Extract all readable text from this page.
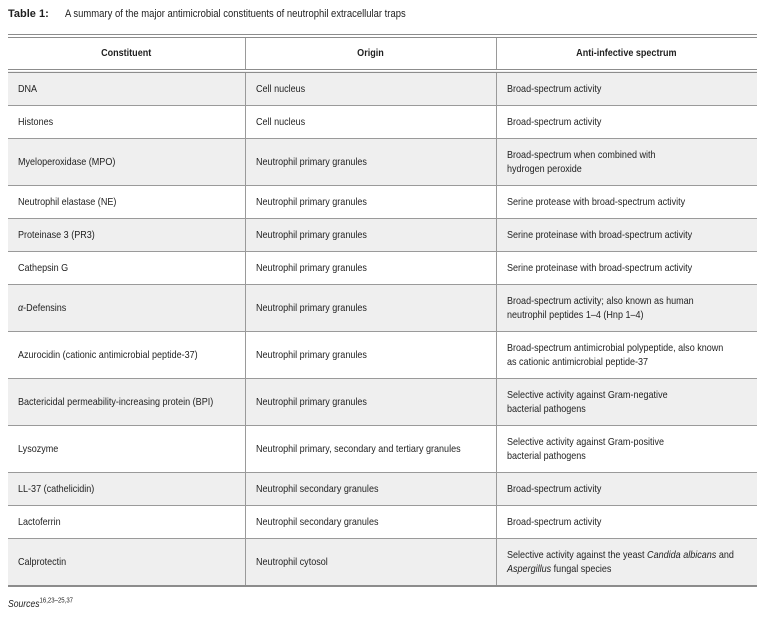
Table 1: A summary of the major antimicrobial constituents of neutrophil extracellular traps
Constituent	Origin	Anti-infective spectrum
DNA	Cell nucleus	Broad-spectrum activity
Histones	Cell nucleus	Broad-spectrum activity
Myeloperoxidase (MPO)	Neutrophil primary granules	Broad-spectrum when combined with
hydrogen peroxide
Neutrophil elastase (NE)	Neutrophil primary granules	Serine protease with broad-spectrum activity
Proteinase 3 (PR3)	Neutrophil primary granules	Serine proteinase with broad-spectrum activity
Cathepsin G	Neutrophil primary granules	Serine proteinase with broad-spectrum activity
α-Defensins	Neutrophil primary granules	Broad-spectrum activity; also known as human
neutrophil peptides 1–4 (Hnp 1–4)
Azurocidin (cationic antimicrobial peptide-37)	Neutrophil primary granules	Broad-spectrum antimicrobial polypeptide, also known
as cationic antimicrobial peptide-37
Bactericidal permeability-increasing protein (BPI)	Neutrophil primary granules	Selective activity against Gram-negative
bacterial pathogens
Lysozyme	Neutrophil primary, secondary and tertiary granules	Selective activity against Gram-positive
bacterial pathogens
LL-37 (cathelicidin)	Neutrophil secondary granules	Broad-spectrum activity
Lactoferrin	Neutrophil secondary granules	Broad-spectrum activity
Calprotectin	Neutrophil cytosol	Selective activity against the yeast Candida albicans and
Aspergillus fungal species
Sources$^{16,23-25,37}$
